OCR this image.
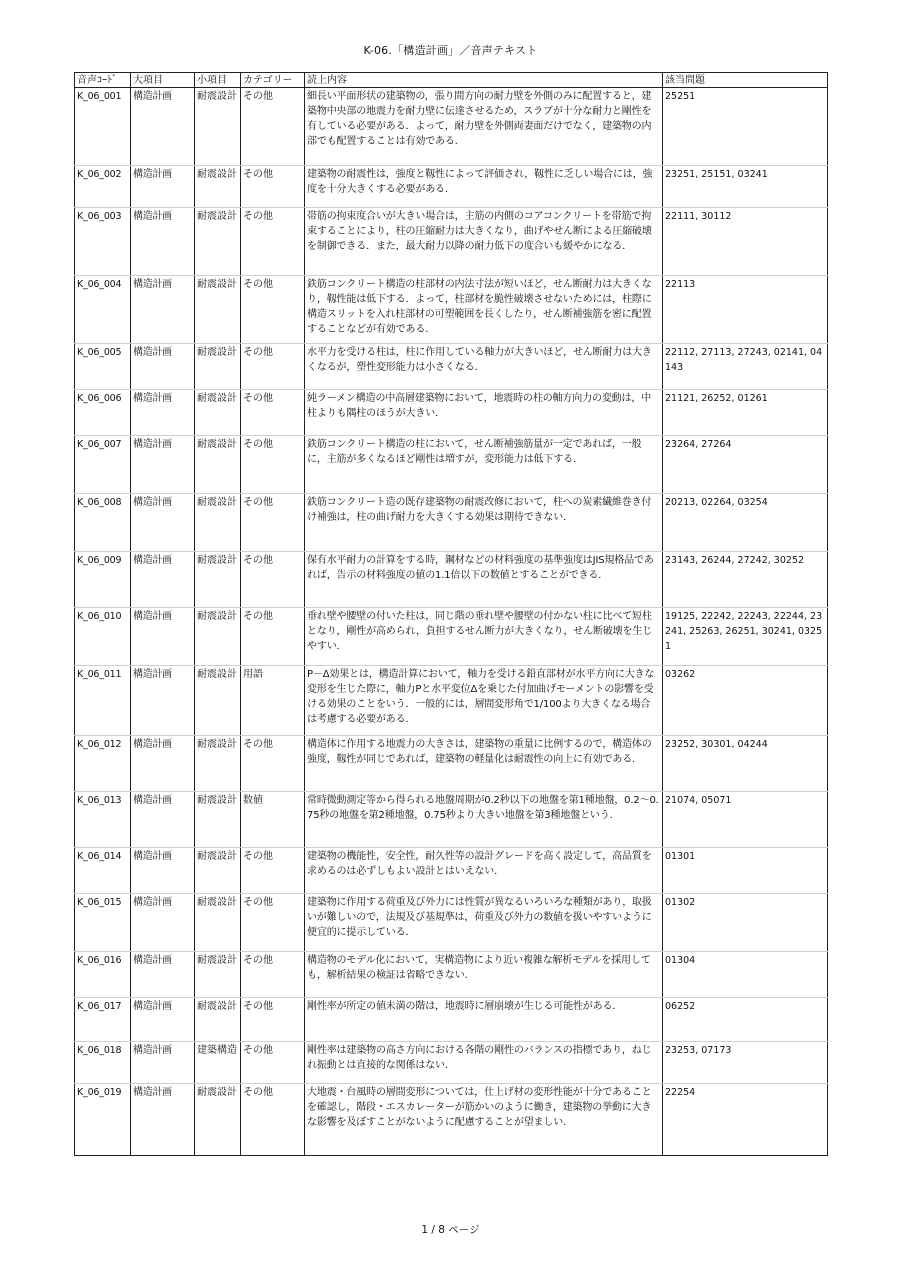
K-06.「構造計画」／音声テキスト
音声ｺｰﾄﾞ	大項目	小項目	カテゴリー	読上内容	該当問題
K_06_001	構造計画	耐震設計	その他	細長い平面形状の建築物の，張り間方向の耐力壁を外側のみに配置すると，建築物中央部の地震力を耐力壁に伝達させるため，スラブが十分な耐力と剛性を有している必要がある．よって，耐力壁を外側両妻面だけでなく，建築物の内部でも配置することは有効である．	25251
K_06_002	構造計画	耐震設計	その他	建築物の耐震性は，強度と靱性によって評価され，靱性に乏しい場合には，強度を十分大きくする必要がある．	23251, 25151, 03241
K_06_003	構造計画	耐震設計	その他	帯筋の拘束度合いが大きい場合は，主筋の内側のコアコンクリートを帯筋で拘束することにより，柱の圧縮耐力は大きくなり，曲げやせん断による圧縮破壊を制御できる．また，最大耐力以降の耐力低下の度合いも緩やかになる．	22111, 30112
K_06_004	構造計画	耐震設計	その他	鉄筋コンクリート構造の柱部材の内法寸法が短いほど，せん断耐力は大きくなり，靱性能は低下する．よって，柱部材を脆性破壊させないためには，柱際に構造スリットを入れ柱部材の可塑範囲を長くしたり，せん断補強筋を密に配置することなどが有効である．	22113
K_06_005	構造計画	耐震設計	その他	水平力を受ける柱は，柱に作用している軸力が大きいほど，せん断耐力は大きくなるが，塑性変形能力は小さくなる．	22112, 27113, 27243, 02141, 04143
K_06_006	構造計画	耐震設計	その他	純ラーメン構造の中高層建築物において，地震時の柱の軸方向力の変動は，中柱よりも隅柱のほうが大きい．	21121, 26252, 01261
K_06_007	構造計画	耐震設計	その他	鉄筋コンクリート構造の柱において，せん断補強筋量が一定であれば，一般に，主筋が多くなるほど剛性は増すが，変形能力は低下する．	23264, 27264
K_06_008	構造計画	耐震設計	その他	鉄筋コンクリート造の既存建築物の耐震改修において，柱への炭素繊維巻き付け補強は，柱の曲げ耐力を大きくする効果は期待できない．	20213, 02264, 03254
K_06_009	構造計画	耐震設計	その他	保有水平耐力の計算をする時，鋼材などの材料強度の基準強度はJIS規格品であれば，告示の材料強度の値の1.1倍以下の数値とすることができる．	23143, 26244, 27242, 30252
K_06_010	構造計画	耐震設計	その他	垂れ壁や腰壁の付いた柱は，同じ階の垂れ壁や腰壁の付かない柱に比べて短柱となり，剛性が高められ，負担するせん断力が大きくなり，せん断破壊を生じやすい．	19125, 22242, 22243, 22244, 23241, 25263, 26251, 30241, 03251
K_06_011	構造計画	耐震設計	用語	P－Δ効果とは，構造計算において，軸力を受ける鉛直部材が水平方向に大きな変形を生じた際に，軸力Pと水平変位Δを乗じた付加曲げモーメントの影響を受ける効果のことをいう．一般的には，層間変形角で1/100より大きくなる場合は考慮する必要がある．	03262
K_06_012	構造計画	耐震設計	その他	構造体に作用する地震力の大きさは，建築物の重量に比例するので，構造体の強度，靱性が同じであれば，建築物の軽量化は耐震性の向上に有効である．	23252, 30301, 04244
K_06_013	構造計画	耐震設計	数値	常時微動測定等から得られる地盤周期が0.2秒以下の地盤を第1種地盤，0.2～0.75秒の地盤を第2種地盤，0.75秒より大きい地盤を第3種地盤という．	21074, 05071
K_06_014	構造計画	耐震設計	その他	建築物の機能性，安全性，耐久性等の設計グレードを高く設定して，高品質を求めるのは必ずしもよい設計とはいえない．	01301
K_06_015	構造計画	耐震設計	その他	建築物に作用する荷重及び外力には性質が異なるいろいろな種類があり，取扱いが難しいので，法規及び基規準は，荷重及び外力の数値を扱いやすいように便宜的に提示している．	01302
K_06_016	構造計画	耐震設計	その他	構造物のモデル化において，実構造物により近い複雑な解析モデルを採用しても，解析結果の検証は省略できない．	01304
K_06_017	構造計画	耐震設計	その他	剛性率が所定の値未満の階は，地震時に層崩壊が生じる可能性がある．	06252
K_06_018	構造計画	建築構造	その他	剛性率は建築物の高さ方向における各階の剛性のバランスの指標であり，ねじれ振動とは直接的な関係はない．	23253, 07173
K_06_019	構造計画	耐震設計	その他	大地震・台風時の層間変形については，仕上げ材の変形性能が十分であることを確認し，階段・エスカレーターが筋かいのように働き，建築物の挙動に大きな影響を及ぼすことがないように配慮することが望ましい．	22254
1 / 8 ページ
